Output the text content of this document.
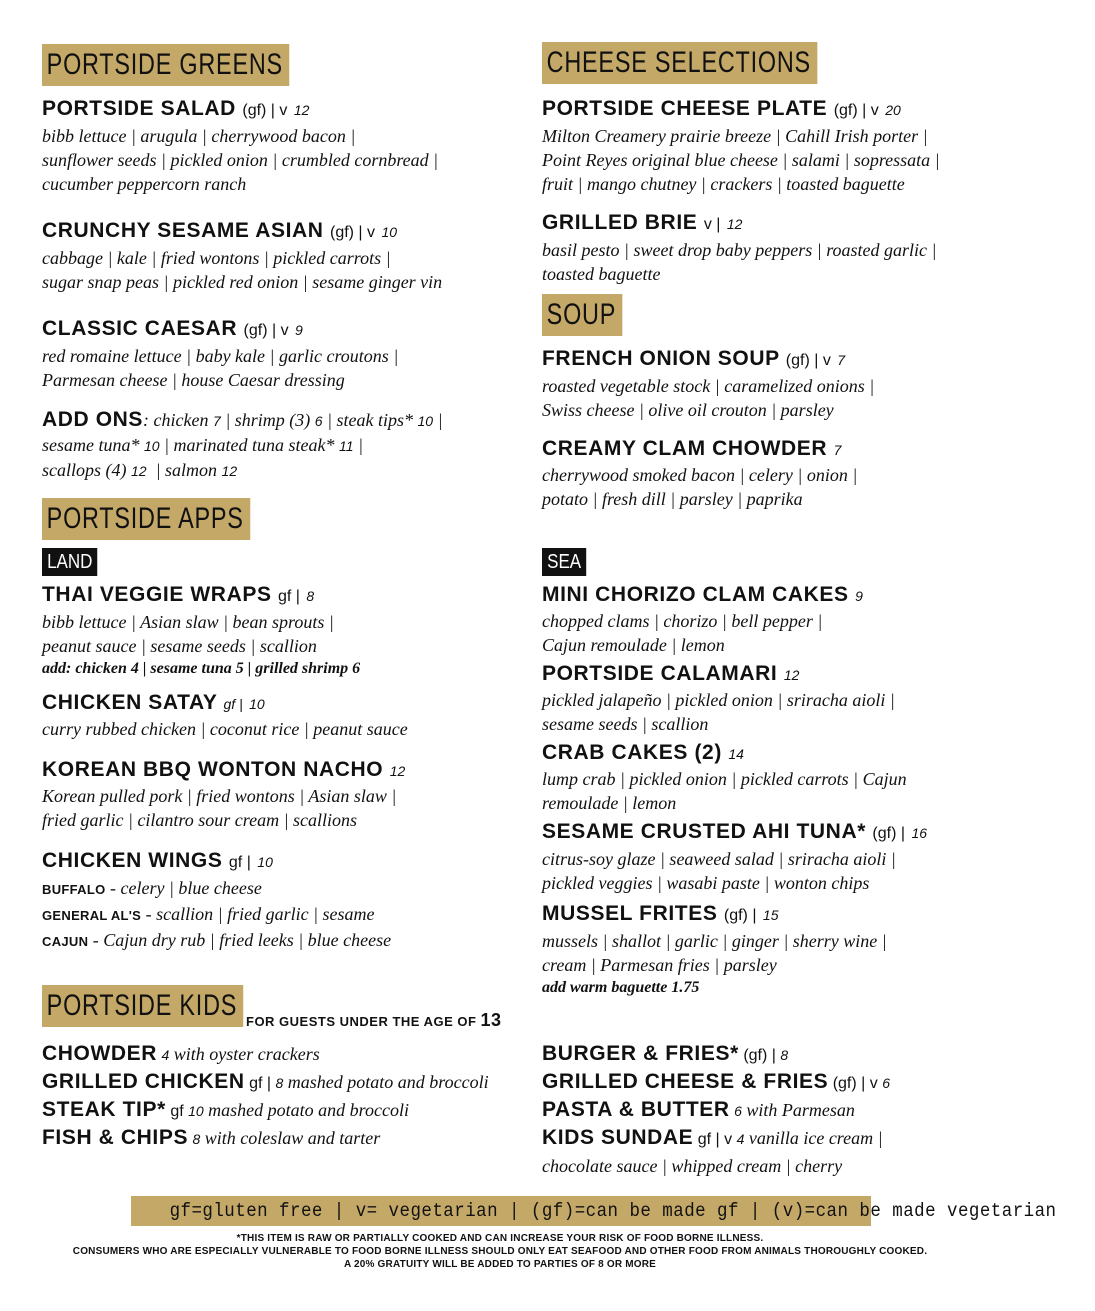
PORTSIDE GREENS
PORTSIDE SALAD (gf) | v 12
bibb lettuce | arugula | cherrywood bacon |
sunflower seeds | pickled onion | crumbled cornbread |
cucumber peppercorn ranch
CRUNCHY SESAME ASIAN (gf) | v 10
cabbage | kale | fried wontons | pickled carrots |
sugar snap peas | pickled red onion | sesame ginger vin
CLASSIC CAESAR (gf) | v 9
red romaine lettuce | baby kale | garlic croutons |
Parmesan cheese | house Caesar dressing
ADD ONS: chicken 7 | shrimp (3) 6 | steak tips* 10 |
sesame tuna* 10 | marinated tuna steak* 11 |
scallops (4) 12 | salmon 12
CHEESE SELECTIONS
PORTSIDE CHEESE PLATE (gf) | v 20
Milton Creamery prairie breeze | Cahill Irish porter |
Point Reyes original blue cheese | salami | sopressata |
fruit | mango chutney | crackers | toasted baguette
GRILLED BRIE v | 12
basil pesto | sweet drop baby peppers | roasted garlic |
toasted baguette
SOUP
FRENCH ONION SOUP (gf) | v 7
roasted vegetable stock | caramelized onions |
Swiss cheese | olive oil crouton | parsley
CREAMY CLAM CHOWDER 7
cherrywood smoked bacon | celery | onion |
potato | fresh dill | parsley | paprika
PORTSIDE APPS
LAND
THAI VEGGIE WRAPS gf | 8
bibb lettuce | Asian slaw | bean sprouts |
peanut sauce | sesame seeds | scallion
add: chicken 4 | sesame tuna 5 | grilled shrimp 6
CHICKEN SATAY gf | 10
curry rubbed chicken | coconut rice | peanut sauce
KOREAN BBQ WONTON NACHO 12
Korean pulled pork | fried wontons | Asian slaw |
fried garlic | cilantro sour cream | scallions
CHICKEN WINGS gf | 10
BUFFALO - celery | blue cheese
GENERAL AL'S - scallion | fried garlic | sesame
CAJUN - Cajun dry rub | fried leeks | blue cheese
SEA
MINI CHORIZO CLAM CAKES 9
chopped clams | chorizo | bell pepper |
Cajun remoulade | lemon
PORTSIDE CALAMARI 12
pickled jalapeño | pickled onion | sriracha aioli |
sesame seeds | scallion
CRAB CAKES (2) 14
lump crab | pickled onion | pickled carrots | Cajun
remoulade | lemon
SESAME CRUSTED AHI TUNA* (gf) | 16
citrus-soy glaze | seaweed salad | sriracha aioli |
pickled veggies | wasabi paste | wonton chips
MUSSEL FRITES (gf) | 15
mussels | shallot | garlic | ginger | sherry wine |
cream | Parmesan fries | parsley
add warm baguette 1.75
PORTSIDE KIDS FOR GUESTS UNDER THE AGE OF 13
CHOWDER 4 with oyster crackers
GRILLED CHICKEN gf | 8 mashed potato and broccoli
STEAK TIP* gf 10 mashed potato and broccoli
FISH & CHIPS 8 with coleslaw and tarter
BURGER & FRIES* (gf) | 8
GRILLED CHEESE & FRIES (gf) | v 6
PASTA & BUTTER 6 with Parmesan
KIDS SUNDAE gf | v 4 vanilla ice cream |
chocolate sauce | whipped cream | cherry
gf=gluten free | v= vegetarian | (gf)=can be made gf | (v)=can be made vegetarian
*THIS ITEM IS RAW OR PARTIALLY COOKED AND CAN INCREASE YOUR RISK OF FOOD BORNE ILLNESS.
CONSUMERS WHO ARE ESPECIALLY VULNERABLE TO FOOD BORNE ILLNESS SHOULD ONLY EAT SEAFOOD AND OTHER FOOD FROM ANIMALS THOROUGHLY COOKED.
A 20% GRATUITY WILL BE ADDED TO PARTIES OF 8 OR MORE
